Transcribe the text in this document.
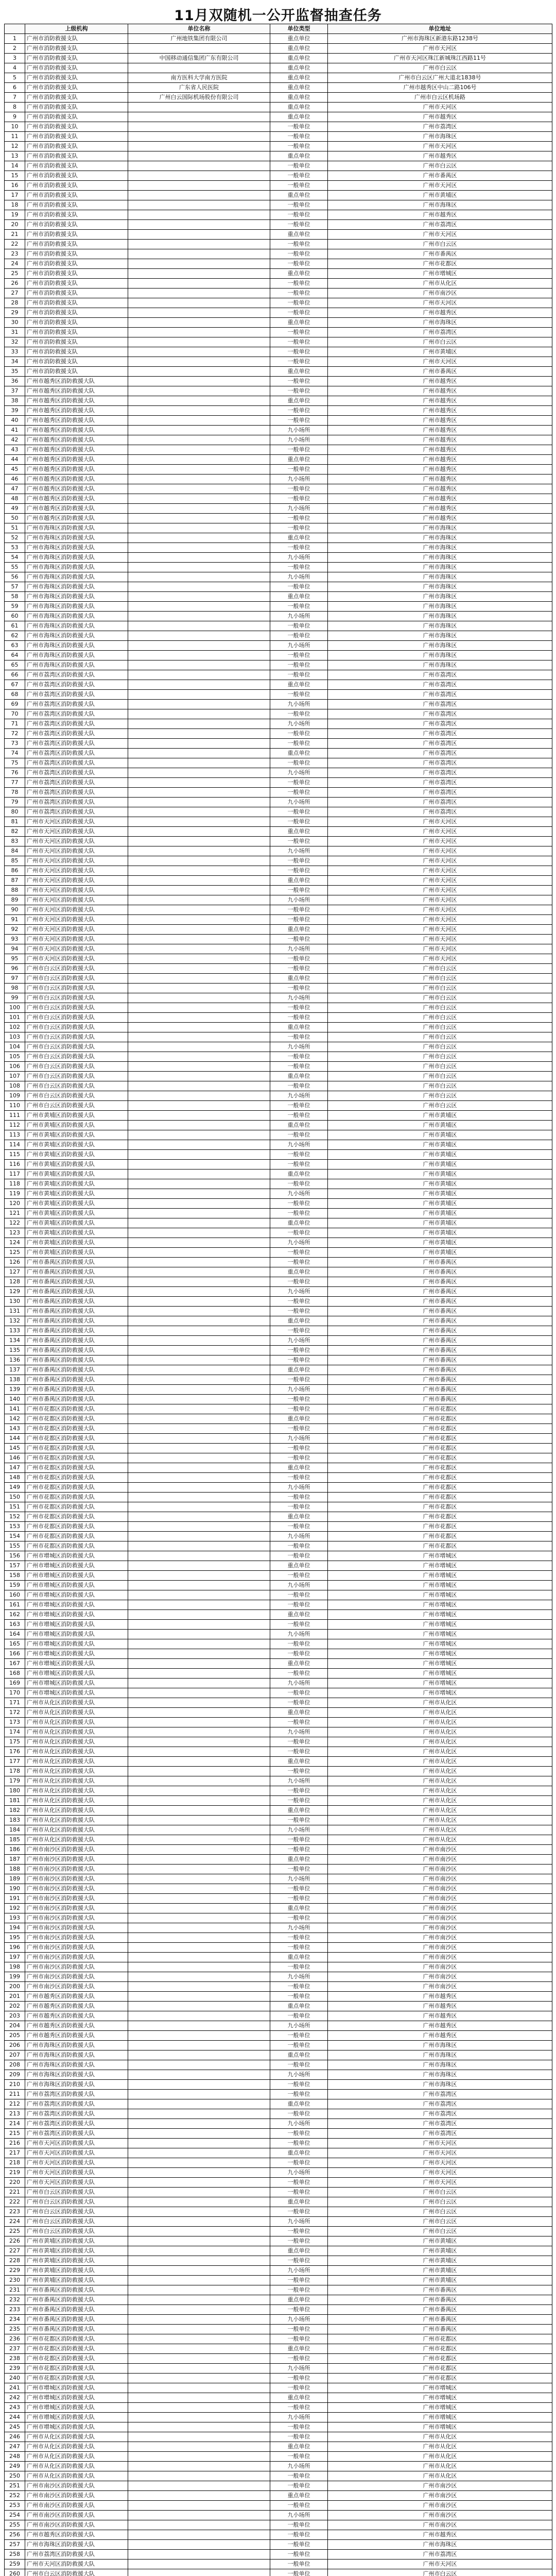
11月双随机一公开监督抽查任务
	上级机构	单位名称	单位类型	单位地址
1	广州市消防救援支队	广州地铁集团有限公司	重点单位	广州市海珠区新港东路1238号
2	广州市消防救援支队		重点单位	广州市天河区
3	广州市消防救援支队	中国移动通信集团广东有限公司	重点单位	广州市天河区珠江新城珠江西路11号
4	广州市消防救援支队		重点单位	广州市白云区
5	广州市消防救援支队	南方医科大学南方医院	重点单位	广州市白云区广州大道北1838号
6	广州市消防救援支队	广东省人民医院	重点单位	广州市越秀区中山二路106号
7	广州市消防救援支队	广州白云国际机场股份有限公司	重点单位	广州市白云区机场路
8	广州市消防救援支队		重点单位	广州市天河区
9	广州市消防救援支队		重点单位	广州市越秀区
10	广州市消防救援支队		一般单位	广州市荔湾区
11	广州市消防救援支队		一般单位	广州市海珠区
12	广州市消防救援支队		一般单位	广州市天河区
13	广州市消防救援支队		重点单位	广州市越秀区
14	广州市消防救援支队		一般单位	广州市白云区
15	广州市消防救援支队		一般单位	广州市番禺区
16	广州市消防救援支队		一般单位	广州市天河区
17	广州市消防救援支队		重点单位	广州市黄埔区
18	广州市消防救援支队		一般单位	广州市海珠区
19	广州市消防救援支队		一般单位	广州市越秀区
20	广州市消防救援支队		一般单位	广州市荔湾区
21	广州市消防救援支队		重点单位	广州市天河区
22	广州市消防救援支队		一般单位	广州市白云区
23	广州市消防救援支队		一般单位	广州市番禺区
24	广州市消防救援支队		一般单位	广州市花都区
25	广州市消防救援支队		重点单位	广州市增城区
26	广州市消防救援支队		一般单位	广州市从化区
27	广州市消防救援支队		一般单位	广州市南沙区
28	广州市消防救援支队		一般单位	广州市天河区
29	广州市消防救援支队		一般单位	广州市越秀区
30	广州市消防救援支队		重点单位	广州市海珠区
31	广州市消防救援支队		一般单位	广州市荔湾区
32	广州市消防救援支队		一般单位	广州市白云区
33	广州市消防救援支队		一般单位	广州市黄埔区
34	广州市消防救援支队		一般单位	广州市天河区
35	广州市消防救援支队		重点单位	广州市番禺区
36	广州市越秀区消防救援大队		一般单位	广州市越秀区
37	广州市越秀区消防救援大队		一般单位	广州市越秀区
38	广州市越秀区消防救援大队		重点单位	广州市越秀区
39	广州市越秀区消防救援大队		一般单位	广州市越秀区
40	广州市越秀区消防救援大队		一般单位	广州市越秀区
41	广州市越秀区消防救援大队		九小场所	广州市越秀区
42	广州市越秀区消防救援大队		九小场所	广州市越秀区
43	广州市越秀区消防救援大队		一般单位	广州市越秀区
44	广州市越秀区消防救援大队		重点单位	广州市越秀区
45	广州市越秀区消防救援大队		一般单位	广州市越秀区
46	广州市越秀区消防救援大队		九小场所	广州市越秀区
47	广州市越秀区消防救援大队		一般单位	广州市越秀区
48	广州市越秀区消防救援大队		一般单位	广州市越秀区
49	广州市越秀区消防救援大队		九小场所	广州市越秀区
50	广州市越秀区消防救援大队		一般单位	广州市越秀区
51	广州市海珠区消防救援大队		一般单位	广州市海珠区
52	广州市海珠区消防救援大队		重点单位	广州市海珠区
53	广州市海珠区消防救援大队		一般单位	广州市海珠区
54	广州市海珠区消防救援大队		九小场所	广州市海珠区
55	广州市海珠区消防救援大队		一般单位	广州市海珠区
56	广州市海珠区消防救援大队		九小场所	广州市海珠区
57	广州市海珠区消防救援大队		一般单位	广州市海珠区
58	广州市海珠区消防救援大队		重点单位	广州市海珠区
59	广州市海珠区消防救援大队		一般单位	广州市海珠区
60	广州市海珠区消防救援大队		九小场所	广州市海珠区
61	广州市海珠区消防救援大队		一般单位	广州市海珠区
62	广州市海珠区消防救援大队		一般单位	广州市海珠区
63	广州市海珠区消防救援大队		九小场所	广州市海珠区
64	广州市海珠区消防救援大队		一般单位	广州市海珠区
65	广州市海珠区消防救援大队		一般单位	广州市海珠区
66	广州市荔湾区消防救援大队		一般单位	广州市荔湾区
67	广州市荔湾区消防救援大队		重点单位	广州市荔湾区
68	广州市荔湾区消防救援大队		一般单位	广州市荔湾区
69	广州市荔湾区消防救援大队		九小场所	广州市荔湾区
70	广州市荔湾区消防救援大队		一般单位	广州市荔湾区
71	广州市荔湾区消防救援大队		九小场所	广州市荔湾区
72	广州市荔湾区消防救援大队		一般单位	广州市荔湾区
73	广州市荔湾区消防救援大队		一般单位	广州市荔湾区
74	广州市荔湾区消防救援大队		重点单位	广州市荔湾区
75	广州市荔湾区消防救援大队		一般单位	广州市荔湾区
76	广州市荔湾区消防救援大队		九小场所	广州市荔湾区
77	广州市荔湾区消防救援大队		一般单位	广州市荔湾区
78	广州市荔湾区消防救援大队		一般单位	广州市荔湾区
79	广州市荔湾区消防救援大队		九小场所	广州市荔湾区
80	广州市荔湾区消防救援大队		一般单位	广州市荔湾区
81	广州市天河区消防救援大队		一般单位	广州市天河区
82	广州市天河区消防救援大队		重点单位	广州市天河区
83	广州市天河区消防救援大队		一般单位	广州市天河区
84	广州市天河区消防救援大队		九小场所	广州市天河区
85	广州市天河区消防救援大队		一般单位	广州市天河区
86	广州市天河区消防救援大队		一般单位	广州市天河区
87	广州市天河区消防救援大队		重点单位	广州市天河区
88	广州市天河区消防救援大队		一般单位	广州市天河区
89	广州市天河区消防救援大队		九小场所	广州市天河区
90	广州市天河区消防救援大队		一般单位	广州市天河区
91	广州市天河区消防救援大队		一般单位	广州市天河区
92	广州市天河区消防救援大队		重点单位	广州市天河区
93	广州市天河区消防救援大队		一般单位	广州市天河区
94	广州市天河区消防救援大队		九小场所	广州市天河区
95	广州市天河区消防救援大队		一般单位	广州市天河区
96	广州市白云区消防救援大队		一般单位	广州市白云区
97	广州市白云区消防救援大队		重点单位	广州市白云区
98	广州市白云区消防救援大队		一般单位	广州市白云区
99	广州市白云区消防救援大队		九小场所	广州市白云区
100	广州市白云区消防救援大队		一般单位	广州市白云区
101	广州市白云区消防救援大队		一般单位	广州市白云区
102	广州市白云区消防救援大队		重点单位	广州市白云区
103	广州市白云区消防救援大队		一般单位	广州市白云区
104	广州市白云区消防救援大队		九小场所	广州市白云区
105	广州市白云区消防救援大队		一般单位	广州市白云区
106	广州市白云区消防救援大队		一般单位	广州市白云区
107	广州市白云区消防救援大队		重点单位	广州市白云区
108	广州市白云区消防救援大队		一般单位	广州市白云区
109	广州市白云区消防救援大队		九小场所	广州市白云区
110	广州市白云区消防救援大队		一般单位	广州市白云区
111	广州市黄埔区消防救援大队		一般单位	广州市黄埔区
112	广州市黄埔区消防救援大队		重点单位	广州市黄埔区
113	广州市黄埔区消防救援大队		一般单位	广州市黄埔区
114	广州市黄埔区消防救援大队		九小场所	广州市黄埔区
115	广州市黄埔区消防救援大队		一般单位	广州市黄埔区
116	广州市黄埔区消防救援大队		一般单位	广州市黄埔区
117	广州市黄埔区消防救援大队		重点单位	广州市黄埔区
118	广州市黄埔区消防救援大队		一般单位	广州市黄埔区
119	广州市黄埔区消防救援大队		九小场所	广州市黄埔区
120	广州市黄埔区消防救援大队		一般单位	广州市黄埔区
121	广州市黄埔区消防救援大队		一般单位	广州市黄埔区
122	广州市黄埔区消防救援大队		重点单位	广州市黄埔区
123	广州市黄埔区消防救援大队		一般单位	广州市黄埔区
124	广州市黄埔区消防救援大队		九小场所	广州市黄埔区
125	广州市黄埔区消防救援大队		一般单位	广州市黄埔区
126	广州市番禺区消防救援大队		一般单位	广州市番禺区
127	广州市番禺区消防救援大队		重点单位	广州市番禺区
128	广州市番禺区消防救援大队		一般单位	广州市番禺区
129	广州市番禺区消防救援大队		九小场所	广州市番禺区
130	广州市番禺区消防救援大队		一般单位	广州市番禺区
131	广州市番禺区消防救援大队		一般单位	广州市番禺区
132	广州市番禺区消防救援大队		重点单位	广州市番禺区
133	广州市番禺区消防救援大队		一般单位	广州市番禺区
134	广州市番禺区消防救援大队		九小场所	广州市番禺区
135	广州市番禺区消防救援大队		一般单位	广州市番禺区
136	广州市番禺区消防救援大队		一般单位	广州市番禺区
137	广州市番禺区消防救援大队		重点单位	广州市番禺区
138	广州市番禺区消防救援大队		一般单位	广州市番禺区
139	广州市番禺区消防救援大队		九小场所	广州市番禺区
140	广州市番禺区消防救援大队		一般单位	广州市番禺区
141	广州市花都区消防救援大队		一般单位	广州市花都区
142	广州市花都区消防救援大队		重点单位	广州市花都区
143	广州市花都区消防救援大队		一般单位	广州市花都区
144	广州市花都区消防救援大队		九小场所	广州市花都区
145	广州市花都区消防救援大队		一般单位	广州市花都区
146	广州市花都区消防救援大队		一般单位	广州市花都区
147	广州市花都区消防救援大队		重点单位	广州市花都区
148	广州市花都区消防救援大队		一般单位	广州市花都区
149	广州市花都区消防救援大队		九小场所	广州市花都区
150	广州市花都区消防救援大队		一般单位	广州市花都区
151	广州市花都区消防救援大队		一般单位	广州市花都区
152	广州市花都区消防救援大队		重点单位	广州市花都区
153	广州市花都区消防救援大队		一般单位	广州市花都区
154	广州市花都区消防救援大队		九小场所	广州市花都区
155	广州市花都区消防救援大队		一般单位	广州市花都区
156	广州市增城区消防救援大队		一般单位	广州市增城区
157	广州市增城区消防救援大队		重点单位	广州市增城区
158	广州市增城区消防救援大队		一般单位	广州市增城区
159	广州市增城区消防救援大队		九小场所	广州市增城区
160	广州市增城区消防救援大队		一般单位	广州市增城区
161	广州市增城区消防救援大队		一般单位	广州市增城区
162	广州市增城区消防救援大队		重点单位	广州市增城区
163	广州市增城区消防救援大队		一般单位	广州市增城区
164	广州市增城区消防救援大队		九小场所	广州市增城区
165	广州市增城区消防救援大队		一般单位	广州市增城区
166	广州市增城区消防救援大队		一般单位	广州市增城区
167	广州市增城区消防救援大队		重点单位	广州市增城区
168	广州市增城区消防救援大队		一般单位	广州市增城区
169	广州市增城区消防救援大队		九小场所	广州市增城区
170	广州市增城区消防救援大队		一般单位	广州市增城区
171	广州市从化区消防救援大队		一般单位	广州市从化区
172	广州市从化区消防救援大队		重点单位	广州市从化区
173	广州市从化区消防救援大队		一般单位	广州市从化区
174	广州市从化区消防救援大队		九小场所	广州市从化区
175	广州市从化区消防救援大队		一般单位	广州市从化区
176	广州市从化区消防救援大队		一般单位	广州市从化区
177	广州市从化区消防救援大队		重点单位	广州市从化区
178	广州市从化区消防救援大队		一般单位	广州市从化区
179	广州市从化区消防救援大队		九小场所	广州市从化区
180	广州市从化区消防救援大队		一般单位	广州市从化区
181	广州市从化区消防救援大队		一般单位	广州市从化区
182	广州市从化区消防救援大队		重点单位	广州市从化区
183	广州市从化区消防救援大队		一般单位	广州市从化区
184	广州市从化区消防救援大队		九小场所	广州市从化区
185	广州市从化区消防救援大队		一般单位	广州市从化区
186	广州市南沙区消防救援大队		一般单位	广州市南沙区
187	广州市南沙区消防救援大队		重点单位	广州市南沙区
188	广州市南沙区消防救援大队		一般单位	广州市南沙区
189	广州市南沙区消防救援大队		九小场所	广州市南沙区
190	广州市南沙区消防救援大队		一般单位	广州市南沙区
191	广州市南沙区消防救援大队		一般单位	广州市南沙区
192	广州市南沙区消防救援大队		重点单位	广州市南沙区
193	广州市南沙区消防救援大队		一般单位	广州市南沙区
194	广州市南沙区消防救援大队		九小场所	广州市南沙区
195	广州市南沙区消防救援大队		一般单位	广州市南沙区
196	广州市南沙区消防救援大队		一般单位	广州市南沙区
197	广州市南沙区消防救援大队		重点单位	广州市南沙区
198	广州市南沙区消防救援大队		一般单位	广州市南沙区
199	广州市南沙区消防救援大队		九小场所	广州市南沙区
200	广州市南沙区消防救援大队		一般单位	广州市南沙区
201	广州市越秀区消防救援大队		一般单位	广州市越秀区
202	广州市越秀区消防救援大队		重点单位	广州市越秀区
203	广州市越秀区消防救援大队		一般单位	广州市越秀区
204	广州市越秀区消防救援大队		九小场所	广州市越秀区
205	广州市越秀区消防救援大队		一般单位	广州市越秀区
206	广州市海珠区消防救援大队		一般单位	广州市海珠区
207	广州市海珠区消防救援大队		重点单位	广州市海珠区
208	广州市海珠区消防救援大队		一般单位	广州市海珠区
209	广州市海珠区消防救援大队		九小场所	广州市海珠区
210	广州市海珠区消防救援大队		一般单位	广州市海珠区
211	广州市荔湾区消防救援大队		一般单位	广州市荔湾区
212	广州市荔湾区消防救援大队		重点单位	广州市荔湾区
213	广州市荔湾区消防救援大队		一般单位	广州市荔湾区
214	广州市荔湾区消防救援大队		九小场所	广州市荔湾区
215	广州市荔湾区消防救援大队		一般单位	广州市荔湾区
216	广州市天河区消防救援大队		一般单位	广州市天河区
217	广州市天河区消防救援大队		重点单位	广州市天河区
218	广州市天河区消防救援大队		一般单位	广州市天河区
219	广州市天河区消防救援大队		九小场所	广州市天河区
220	广州市天河区消防救援大队		一般单位	广州市天河区
221	广州市白云区消防救援大队		一般单位	广州市白云区
222	广州市白云区消防救援大队		重点单位	广州市白云区
223	广州市白云区消防救援大队		一般单位	广州市白云区
224	广州市白云区消防救援大队		九小场所	广州市白云区
225	广州市白云区消防救援大队		一般单位	广州市白云区
226	广州市黄埔区消防救援大队		一般单位	广州市黄埔区
227	广州市黄埔区消防救援大队		重点单位	广州市黄埔区
228	广州市黄埔区消防救援大队		一般单位	广州市黄埔区
229	广州市黄埔区消防救援大队		九小场所	广州市黄埔区
230	广州市黄埔区消防救援大队		一般单位	广州市黄埔区
231	广州市番禺区消防救援大队		一般单位	广州市番禺区
232	广州市番禺区消防救援大队		重点单位	广州市番禺区
233	广州市番禺区消防救援大队		一般单位	广州市番禺区
234	广州市番禺区消防救援大队		九小场所	广州市番禺区
235	广州市番禺区消防救援大队		一般单位	广州市番禺区
236	广州市花都区消防救援大队		一般单位	广州市花都区
237	广州市花都区消防救援大队		重点单位	广州市花都区
238	广州市花都区消防救援大队		一般单位	广州市花都区
239	广州市花都区消防救援大队		九小场所	广州市花都区
240	广州市花都区消防救援大队		一般单位	广州市花都区
241	广州市增城区消防救援大队		一般单位	广州市增城区
242	广州市增城区消防救援大队		重点单位	广州市增城区
243	广州市增城区消防救援大队		一般单位	广州市增城区
244	广州市增城区消防救援大队		九小场所	广州市增城区
245	广州市增城区消防救援大队		一般单位	广州市增城区
246	广州市从化区消防救援大队		一般单位	广州市从化区
247	广州市从化区消防救援大队		重点单位	广州市从化区
248	广州市从化区消防救援大队		一般单位	广州市从化区
249	广州市从化区消防救援大队		九小场所	广州市从化区
250	广州市从化区消防救援大队		一般单位	广州市从化区
251	广州市南沙区消防救援大队		一般单位	广州市南沙区
252	广州市南沙区消防救援大队		重点单位	广州市南沙区
253	广州市南沙区消防救援大队		一般单位	广州市南沙区
254	广州市南沙区消防救援大队		九小场所	广州市南沙区
255	广州市南沙区消防救援大队		一般单位	广州市南沙区
256	广州市越秀区消防救援大队		一般单位	广州市越秀区
257	广州市海珠区消防救援大队		一般单位	广州市海珠区
258	广州市荔湾区消防救援大队		一般单位	广州市荔湾区
259	广州市天河区消防救援大队		一般单位	广州市天河区
260	广州市白云区消防救援大队		一般单位	广州市白云区
